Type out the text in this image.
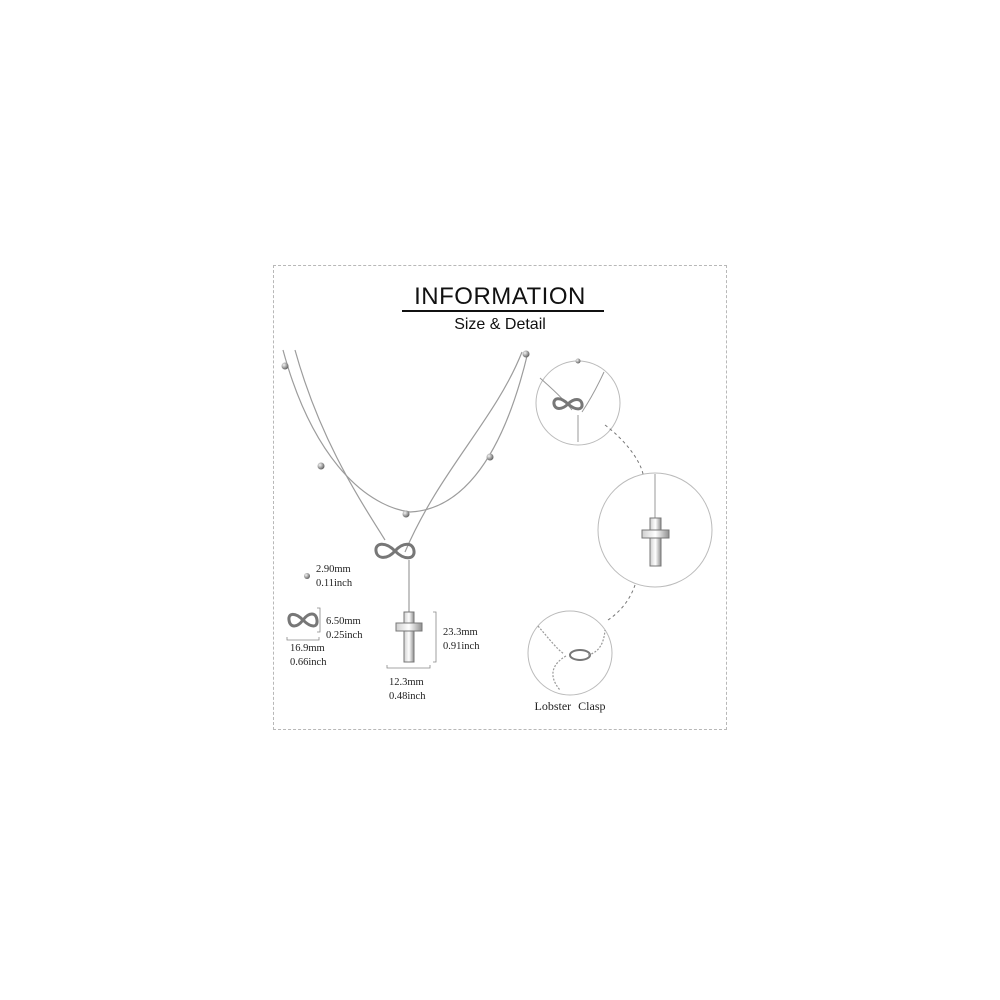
INFORMATION
Size & Detail
2.90mm
0.11inch
6.50mm
0.25inch
16.9mm
0.66inch
23.3mm
0.91inch
12.3mm
0.48inch
Lobster Clasp
